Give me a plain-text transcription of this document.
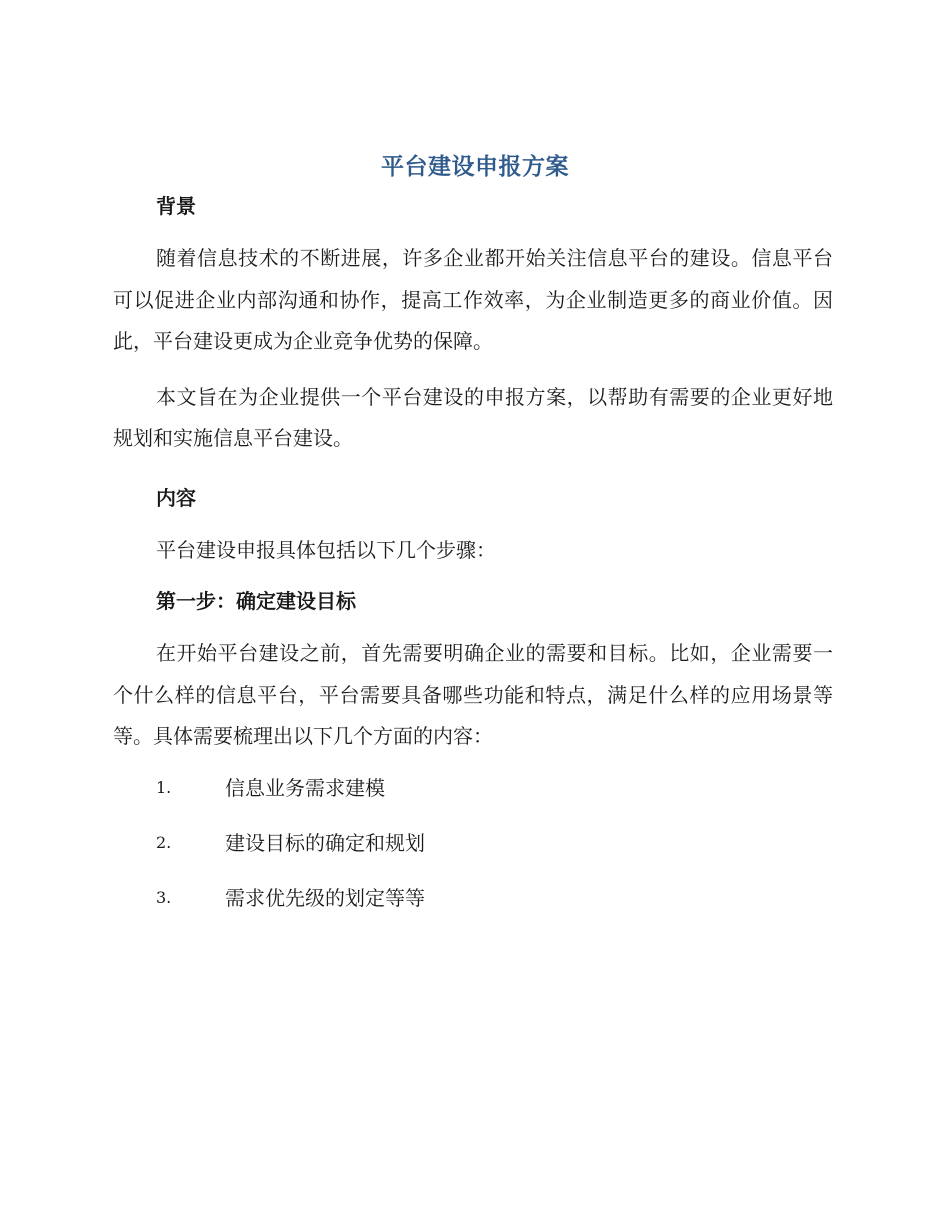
平台建设申报方案
背景

随着信息技术的不断进展，许多企业都开始关注信息平台的建设。信息平台可以促进企业内部沟通和协作，提高工作效率，为企业制造更多的商业价值。因此，平台建设更成为企业竞争优势的保障。

本文旨在为企业提供一个平台建设的申报方案，以帮助有需要的企业更好地规划和实施信息平台建设。

内容

平台建设申报具体包括以下几个步骤：

第一步：确定建设目标

在开始平台建设之前，首先需要明确企业的需要和目标。比如，企业需要一个什么样的信息平台，平台需要具备哪些功能和特点，满足什么样的应用场景等等。具体需要梳理出以下几个方面的内容：

1.	信息业务需求建模
2.	建设目标的确定和规划
3.	需求优先级的划定等等
